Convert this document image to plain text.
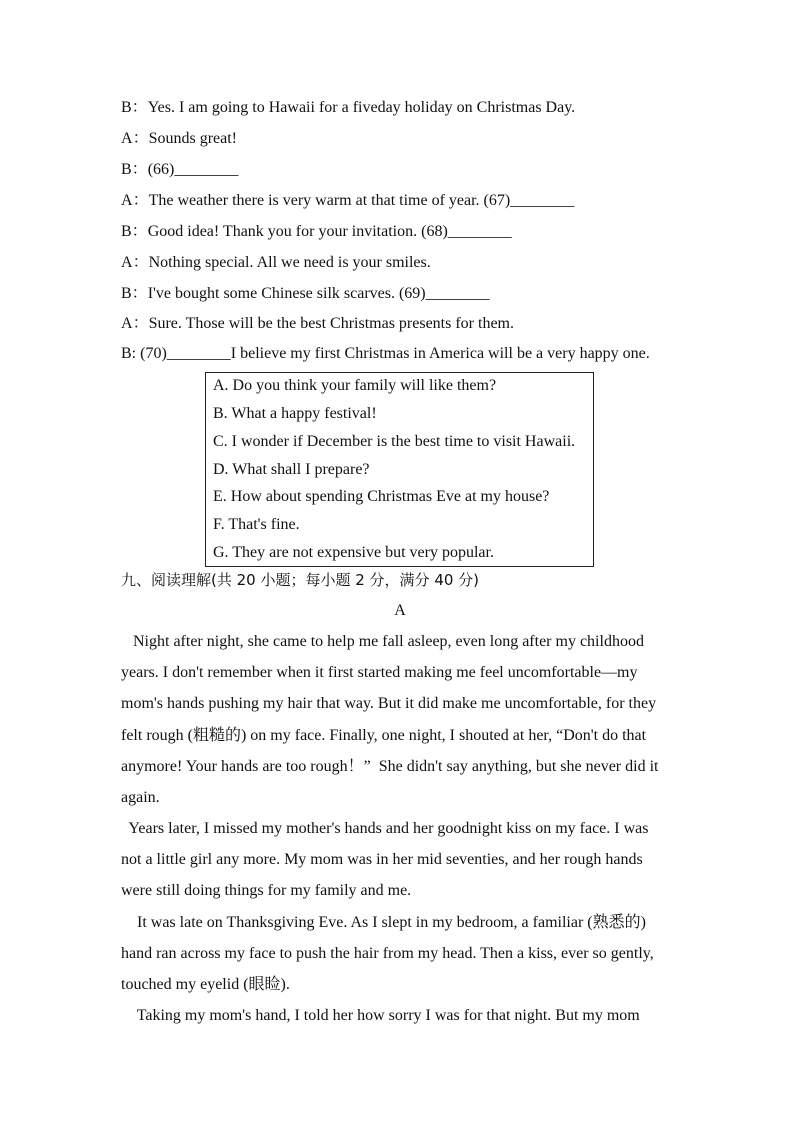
B：Yes. I am going to Hawaii for a fiveday holiday on Christmas Day.
A：Sounds great!
B：(66)________
A：The weather there is very warm at that time of year. (67)________
B：Good idea! Thank you for your invitation. (68)________
A：Nothing special. All we need is your smiles.
B：I've bought some Chinese silk scarves. (69)________
A：Sure. Those will be the best Christmas presents for them.
B: (70)________I believe my first Christmas in America will be a very happy one.
A. Do you think your family will like them?
B. What a happy festival!
C. I wonder if December is the best time to visit Hawaii.
D. What shall I prepare?
E. How about spending Christmas Eve at my house?
F. That's fine.
G. They are not expensive but very popular.
九、阅读理解(共 20 小题；每小题 2 分，满分 40 分)
A
Night after night, she came to help me fall asleep, even long after my childhood
years. I don't remember when it first started making me feel uncomfortable—my
mom's hands pushing my hair that way. But it did make me uncomfortable, for they
felt rough (粗糙的) on my face. Finally, one night, I shouted at her, “Don't do that
anymore! Your hands are too rough！”  She didn't say anything, but she never did it
again.
Years later, I missed my mother's hands and her goodnight kiss on my face. I was
not a little girl any more. My mom was in her mid seventies, and her rough hands
were still doing things for my family and me.
It was late on Thanksgiving Eve. As I slept in my bedroom, a familiar (熟悉的)
hand ran across my face to push the hair from my head. Then a kiss, ever so gently,
touched my eyelid (眼睑).
Taking my mom's hand, I told her how sorry I was for that night. But my mom
